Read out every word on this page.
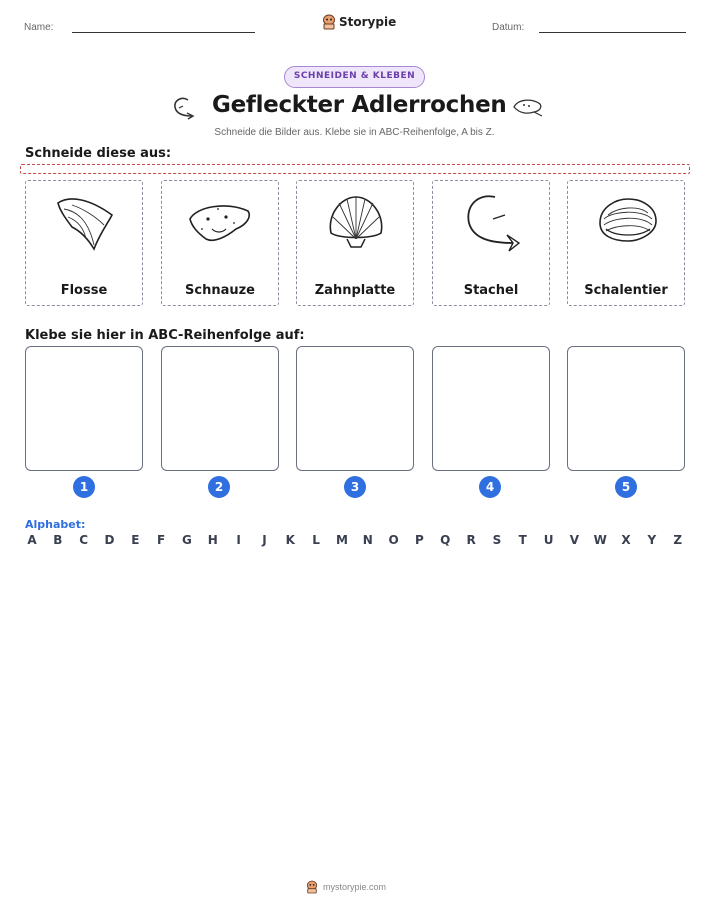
Name:	Storypie	Datum:
SCHNEIDEN & KLEBEN
Gefleckter Adlerrochen
Schneide die Bilder aus. Klebe sie in ABC-Reihenfolge, A bis Z.
Schneide diese aus:
Flosse	Schnauze	Zahnplatte	Stachel	Schalentier
Klebe sie hier in ABC-Reihenfolge auf:
1	2	3	4	5
Alphabet:
A B C D E F G H	I	J	K L M N O P Q R S T U V W X Y Z
mystorypie.com
